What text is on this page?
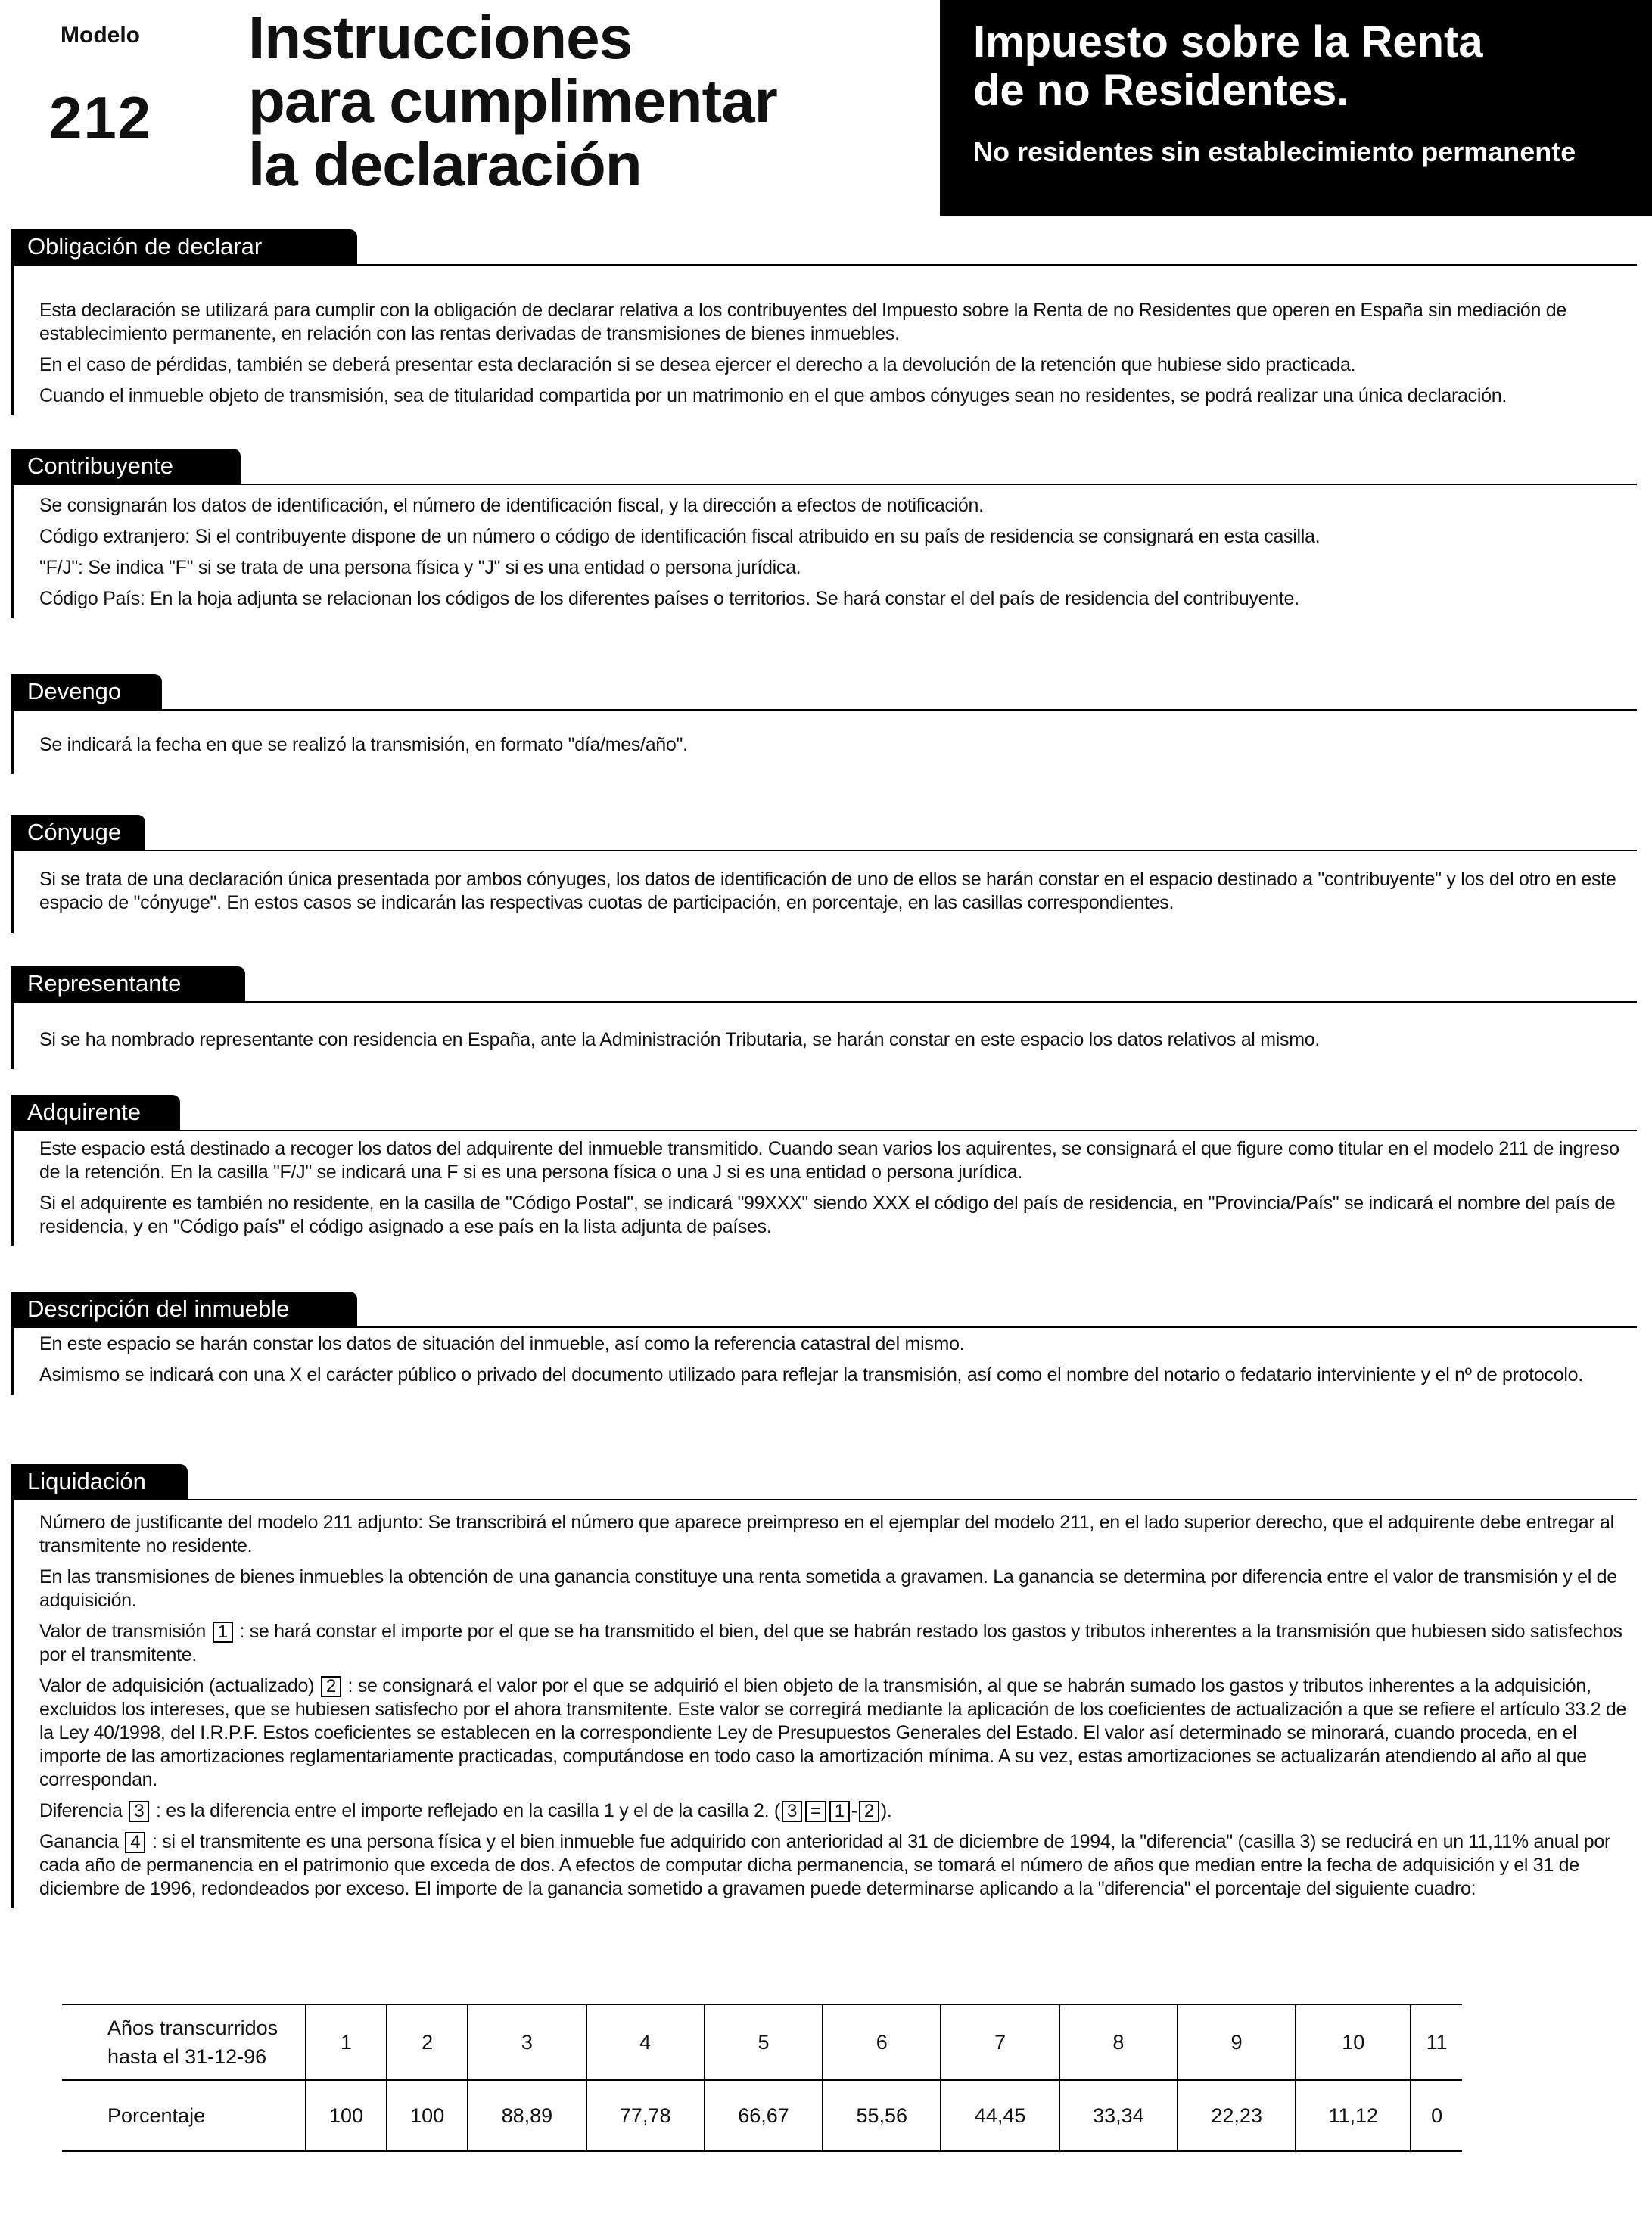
Modelo
212
Instrucciones
para cumplimentar
la declaración
Impuesto sobre la Renta
de no Residentes.
No residentes sin establecimiento permanente
Obligación de declarar

Esta declaración se utilizará para cumplir con la obligación de declarar relativa a los contribuyentes del Impuesto sobre la Renta de no Residentes que operen en España sin mediación de establecimiento permanente, en relación con las rentas derivadas de transmisiones de bienes inmuebles.

En el caso de pérdidas, también se deberá presentar esta declaración si se desea ejercer el derecho a la devolución de la retención que hubiese sido practicada.

Cuando el inmueble objeto de transmisión, sea de titularidad compartida por un matrimonio en el que ambos cónyuges sean no residentes, se podrá realizar una única declaración.

Contribuyente

Se consignarán los datos de identificación, el número de identificación fiscal, y la dirección a efectos de notificación.

Código extranjero: Si el contribuyente dispone de un número o código de identificación fiscal atribuido en su país de residencia se consignará en esta casilla.

"F/J": Se indica "F" si se trata de una persona física y "J" si es una entidad o persona jurídica.

Código País: En la hoja adjunta se relacionan los códigos de los diferentes países o territorios. Se hará constar el del país de residencia del contribuyente.

Devengo

Se indicará la fecha en que se realizó la transmisión, en formato "día/mes/año".

Cónyuge

Si se trata de una declaración única presentada por ambos cónyuges, los datos de identificación de uno de ellos se harán constar en el espacio destinado a "contribuyente" y los del otro en este espacio de "cónyuge". En estos casos se indicarán las respectivas cuotas de participación, en porcentaje, en las casillas correspondientes.

Representante

Si se ha nombrado representante con residencia en España, ante la Administración Tributaria, se harán constar en este espacio los datos relativos al mismo.

Adquirente

Este espacio está destinado a recoger los datos del adquirente del inmueble transmitido. Cuando sean varios los aquirentes, se consignará el que figure como titular en el modelo 211 de ingreso de la retención. En la casilla "F/J" se indicará una F si es una persona física o una J si es una entidad o persona jurídica.

Si el adquirente es también no residente, en la casilla de "Código Postal", se indicará "99XXX" siendo XXX el código del país de residencia, en "Provincia/País" se indicará el nombre del país de residencia, y en "Código país" el código asignado a ese país en la lista adjunta de países.

Descripción del inmueble

En este espacio se harán constar los datos de situación del inmueble, así como la referencia catastral del mismo.

Asimismo se indicará con una X el carácter público o privado del documento utilizado para reflejar la transmisión, así como el nombre del notario o fedatario interviniente y el nº de protocolo.

Liquidación

Número de justificante del modelo 211 adjunto: Se transcribirá el número que aparece preimpreso en el ejemplar del modelo 211, en el lado superior derecho, que el adquirente debe entregar al transmitente no residente.

En las transmisiones de bienes inmuebles la obtención de una ganancia constituye una renta sometida a gravamen. La ganancia se determina por diferencia entre el valor de transmisión y el de adquisición.

Valor de transmisión 1 : se hará constar el importe por el que se ha transmitido el bien, del que se habrán restado los gastos y tributos inherentes a la transmisión que hubiesen sido satisfechos por el transmitente.

Valor de adquisición (actualizado) 2 : se consignará el valor por el que se adquirió el bien objeto de la transmisión, al que se habrán sumado los gastos y tributos inherentes a la adquisición, excluidos los intereses, que se hubiesen satisfecho por el ahora transmitente. Este valor se corregirá mediante la aplicación de los coeficientes de actualización a que se refiere el artículo 33.2 de la Ley 40/1998, del I.R.P.F. Estos coeficientes se establecen en la correspondiente Ley de Presupuestos Generales del Estado. El valor así determinado se minorará, cuando proceda, en el importe de las amortizaciones reglamentariamente practicadas, computándose en todo caso la amortización mínima. A su vez, estas amortizaciones se actualizarán atendiendo al año al que correspondan.

Diferencia 3 : es la diferencia entre el importe reflejado en la casilla 1 y el de la casilla 2. ( 3 = 1 - 2 ).

Ganancia 4 : si el transmitente es una persona física y el bien inmueble fue adquirido con anterioridad al 31 de diciembre de 1994, la "diferencia" (casilla 3) se reducirá en un 11,11% anual por cada año de permanencia en el patrimonio que exceda de dos. A efectos de computar dicha permanencia, se tomará el número de años que median entre la fecha de adquisición y el 31 de diciembre de 1996, redondeados por exceso. El importe de la ganancia sometido a gravamen puede determinarse aplicando a la "diferencia" el porcentaje del siguiente cuadro:

Años transcurridos
hasta el 31-12-96	1	2	3	4	5	6	7	8	9	10	11
Porcentaje	100	100	88,89	77,78	66,67	55,56	44,45	33,34	22,23	11,12	0
